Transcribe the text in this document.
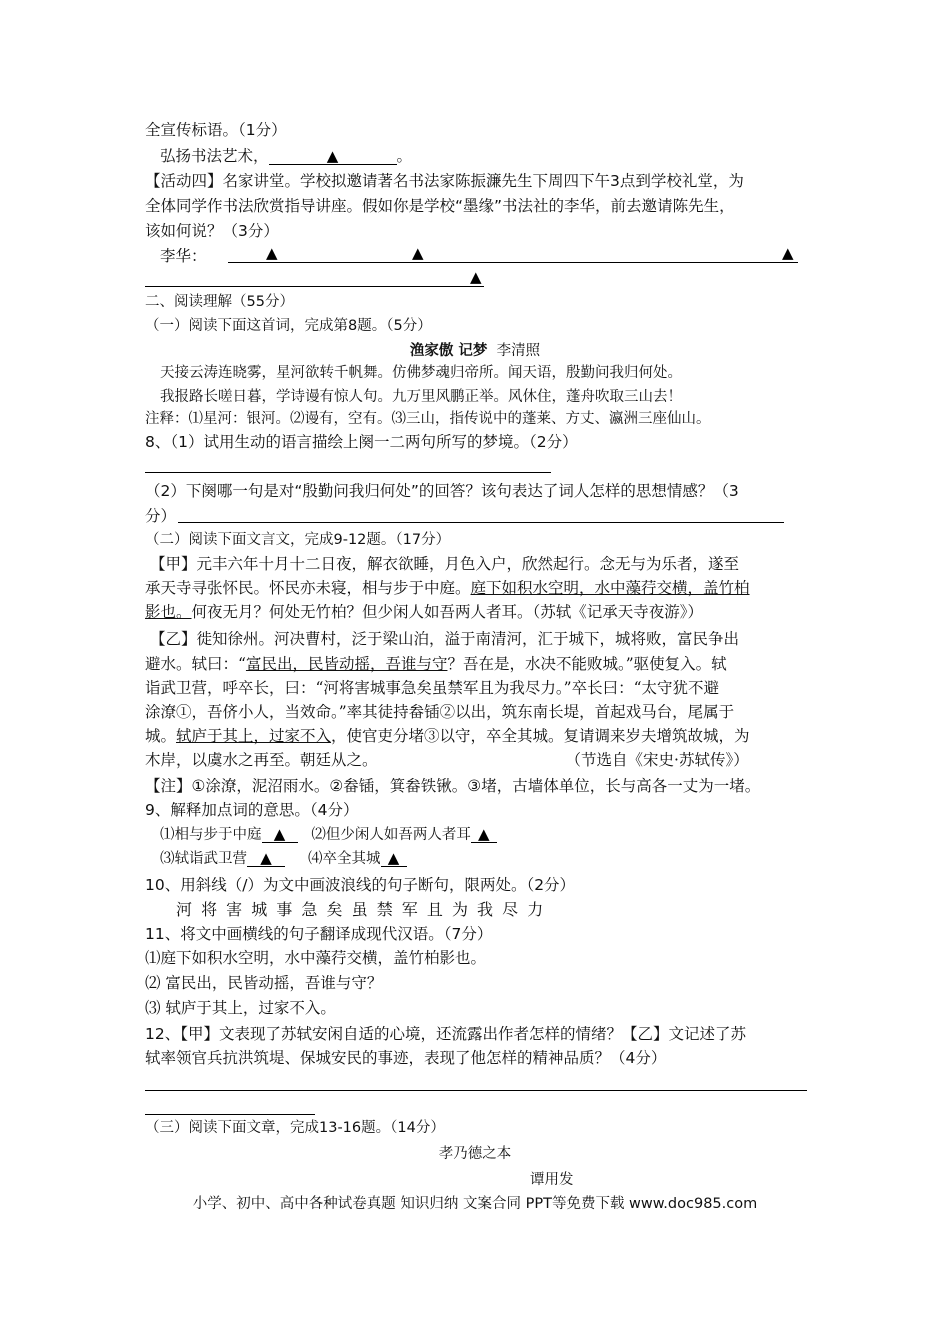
全宣传标语。（1分）
弘扬书法艺术，	▲	。
【活动四】名家讲堂。学校拟邀请著名书法家陈振濂先生下周四下午3点到学校礼堂，为
全体同学作书法欣赏指导讲座。假如你是学校“墨缘”书法社的李华，前去邀请陈先生，
该如何说？（3分）
李华：	▲	▲	▲
▲
二、阅读理解（55分）
（一）阅读下面这首词，完成第8题。（5分）
渔家傲 记梦 李清照
天接云涛连晓雾，星河欲转千帆舞。仿佛梦魂归帝所。闻天语，殷勤问我归何处。
我报路长嗟日暮，学诗谩有惊人句。九万里风鹏正举。风休住，蓬舟吹取三山去！
注释：⑴星河：银河。⑵谩有，空有。⑶三山，指传说中的蓬莱、方丈、瀛洲三座仙山。
8、（1）试用生动的语言描绘上阕一二两句所写的梦境。（2分）
（2）下阕哪一句是对“殷勤问我归何处”的回答？该句表达了词人怎样的思想情感？（3
分）
（二）阅读下面文言文，完成9-12题。（17分）
【甲】元丰六年十月十二日夜，解衣欲睡，月色入户，欣然起行。念无与为乐者，遂至
承天寺寻张怀民。怀民亦未寝，相与步于中庭。庭下如积水空明，水中藻荇交横，盖竹柏
影也。何夜无月？何处无竹柏？但少闲人如吾两人者耳。（苏轼《记承天寺夜游》）
【乙】徙知徐州。河决曹村，泛于梁山泊，溢于南清河，汇于城下，城将败，富民争出
避水。轼曰：“富民出，民皆动摇，吾谁与守？吾在是，水决不能败城。”驱使复入。轼
诣武卫营，呼卒长，曰：“河将害城事急矣虽禁军且为我尽力。”卒长曰：“太守犹不避
涂潦①，吾侪小人，当效命。”率其徒持畚锸②以出，筑东南长堤，首起戏马台，尾属于
城。轼庐于其上，过家不入，使官吏分堵③以守，卒全其城。复请调来岁夫增筑故城，为
木岸，以虞水之再至。朝廷从之。	（节选自《宋史·苏轼传》）
【注】①涂潦，泥沼雨水。②畚锸，箕畚铁锹。③堵，古墙体单位，长与高各一丈为一堵。
9、解释加点词的意思。（4分）
⑴相与步于中庭 ▲ ⑵但少闲人如吾两人者耳 ▲
⑶轼诣武卫营 ▲	⑷卒全其城 ▲
10、用斜线（/）为文中画波浪线的句子断句，限两处。（2分）
河 将 害 城 事 急 矣 虽 禁 军 且 为 我 尽 力
11、将文中画横线的句子翻译成现代汉语。（7分）
⑴庭下如积水空明，水中藻荇交横，盖竹柏影也。
⑵ 富民出，民皆动摇，吾谁与守？
⑶ 轼庐于其上，过家不入。
12、【甲】文表现了苏轼安闲自适的心境，还流露出作者怎样的情绪？【乙】文记述了苏
轼率领官兵抗洪筑堤、保城安民的事迹，表现了他怎样的精神品质？（4分）
（三）阅读下面文章，完成13-16题。（14分）
孝乃德之本
谭用发
小学、初中、高中各种试卷真题 知识归纳 文案合同 PPT等免费下载 www.doc985.com
